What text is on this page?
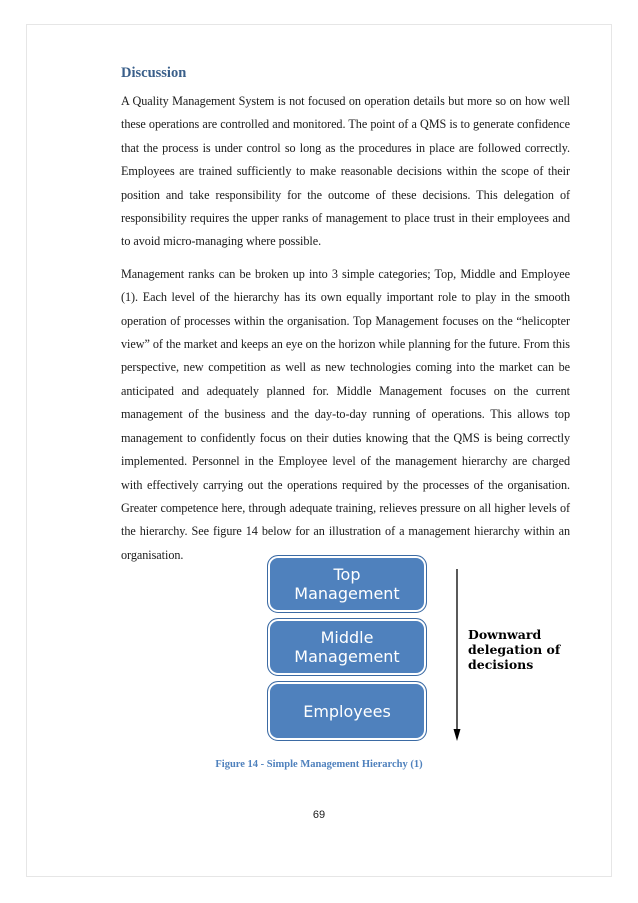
Discussion

A Quality Management System is not focused on operation details but more so on how well these operations are controlled and monitored. The point of a QMS is to generate confidence that the process is under control so long as the procedures in place are followed correctly. Employees are trained sufficiently to make reasonable decisions within the scope of their position and take responsibility for the outcome of these decisions. This delegation of responsibility requires the upper ranks of management to place trust in their employees and to avoid micro-managing where possible.

Management ranks can be broken up into 3 simple categories; Top, Middle and Employee (1). Each level of the hierarchy has its own equally important role to play in the smooth operation of processes within the organisation. Top Management focuses on the “helicopter view” of the market and keeps an eye on the horizon while planning for the future. From this perspective, new competition as well as new technologies coming into the market can be anticipated and adequately planned for. Middle Management focuses on the current management of the business and the day-to-day running of operations. This allows top management to confidently focus on their duties knowing that the QMS is being correctly implemented. Personnel in the Employee level of the management hierarchy are charged with effectively carrying out the operations required by the processes of the organisation. Greater competence here, through adequate training, relieves pressure on all higher levels of the hierarchy. See figure 14 below for an illustration of a management hierarchy within an organisation.

Top
Management
Middle
Management
Employees
Downward
delegation of
decisions
Figure 14 - Simple Management Hierarchy (1)
69
